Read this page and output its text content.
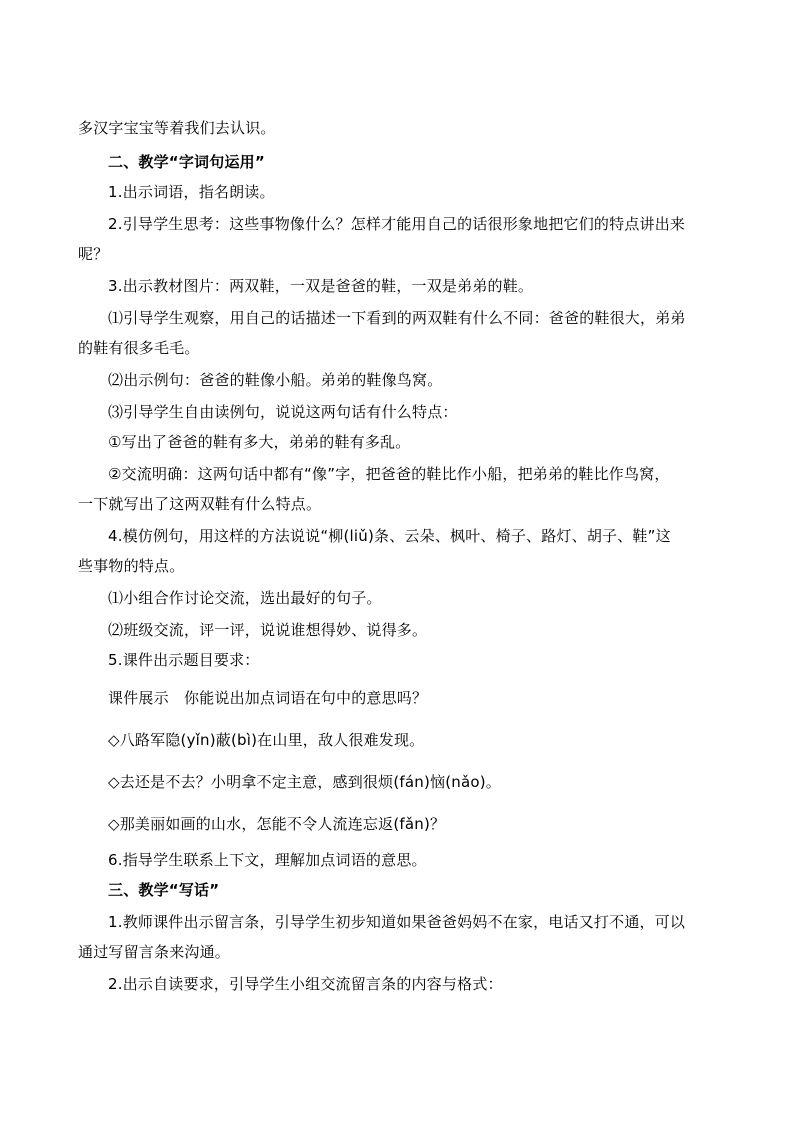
多汉字宝宝等着我们去认识。
二、教学“字词句运用”
1.出示词语，指名朗读。
2.引导学生思考：这些事物像什么？怎样才能用自己的话很形象地把它们的特点讲出来
呢？
3.出示教材图片：两双鞋，一双是爸爸的鞋，一双是弟弟的鞋。
⑴引导学生观察，用自己的话描述一下看到的两双鞋有什么不同：爸爸的鞋很大，弟弟
的鞋有很多毛毛。
⑵出示例句：爸爸的鞋像小船。弟弟的鞋像鸟窝。
⑶引导学生自由读例句，说说这两句话有什么特点：
①写出了爸爸的鞋有多大，弟弟的鞋有多乱。
②交流明确：这两句话中都有“像”字，把爸爸的鞋比作小船，把弟弟的鞋比作鸟窝，
一下就写出了这两双鞋有什么特点。
4.模仿例句，用这样的方法说说“柳(liǔ)条、云朵、枫叶、椅子、路灯、胡子、鞋”这
些事物的特点。
⑴小组合作讨论交流，选出最好的句子。
⑵班级交流，评一评，说说谁想得妙、说得多。
5.课件出示题目要求：
课件展示　你能说出加点词语在句中的意思吗？
◇八路军隐(yǐn)蔽(bì)在山里，敌人很难发现。
◇去还是不去？小明拿不定主意，感到很烦(fán)恼(nǎo)。
◇那美丽如画的山水，怎能不令人流连忘返(fǎn)？
6.指导学生联系上下文，理解加点词语的意思。
三、教学“写话”
1.教师课件出示留言条，引导学生初步知道如果爸爸妈妈不在家，电话又打不通，可以
通过写留言条来沟通。
2.出示自读要求，引导学生小组交流留言条的内容与格式：
